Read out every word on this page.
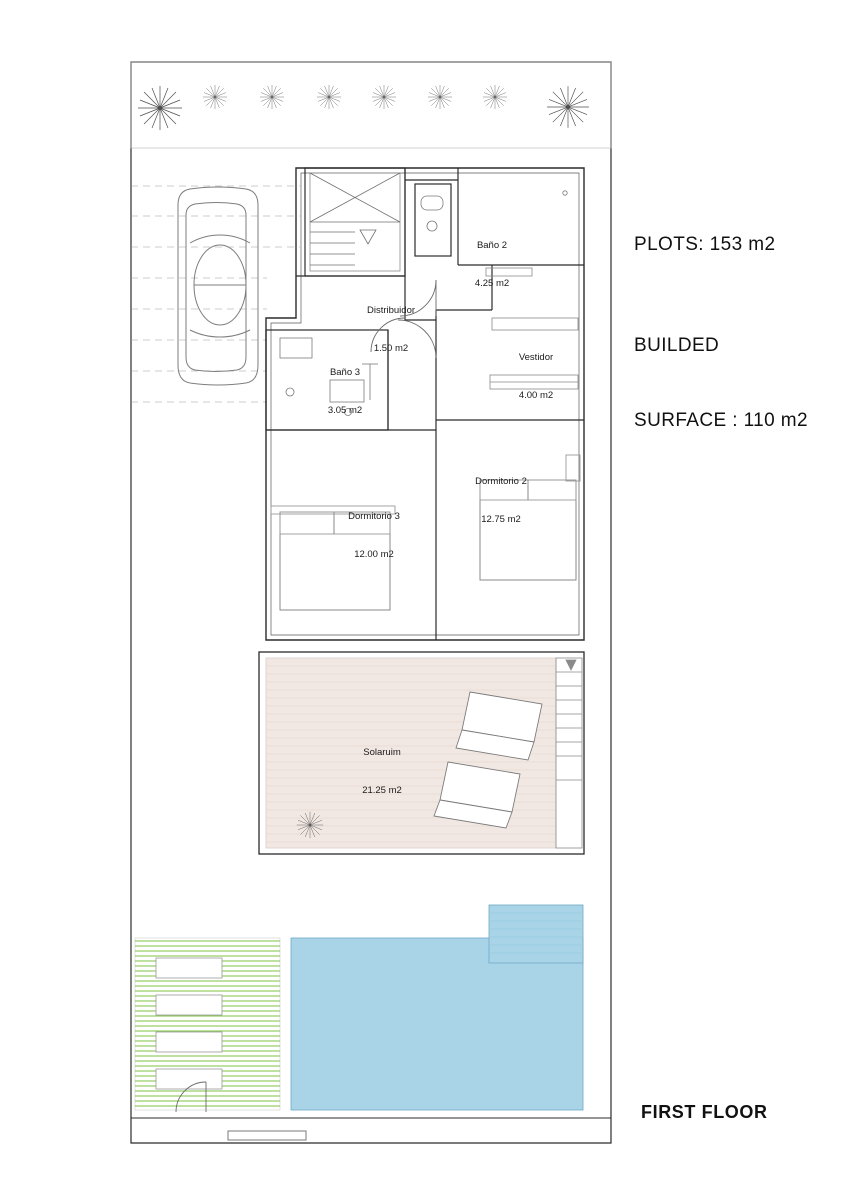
Baño 2

4.25 m2

Distribuidor

1.50 m2

Vestidor

4.00 m2

Baño 3

3.05 m2

Dormitorio 2

12.75 m2

Dormitorio 3

12.00 m2

Solaruim

21.25 m2

PLOTS: 153 m2

BUILDED

SURFACE : 110 m2

FIRST FLOOR
